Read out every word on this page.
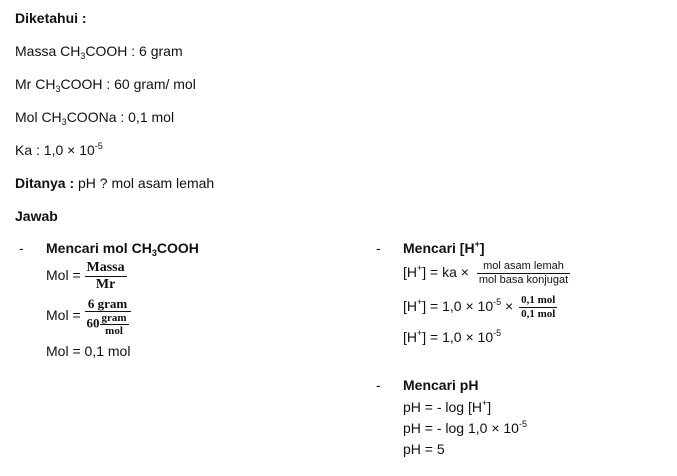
Diketahui :
Massa $CH_3COOH$ : 6 gram
Mr $CH_3COOH$ : 60 gram/ mol
Mol $CH_3COONa$ : 0,1 mol
Ka : $1,0 \times 10^{-5}$
Ditanya : pH ? mol asam lemah
Jawab
- Mencari mol $CH_3COOH$
Mol = $\frac{\text{Massa}}{Mr}$
Mol = $\frac{\text{6 gram}}{60 \frac{\text{gram}}{\text{mol}}}$
Mol = 0,1 mol
- Mencari [H+]
[H+] = ka × $\frac{\text{mol asam lemah}}{\text{mol basa konjugat}}$
$[H^+] = 1,0 \times 10^{-5} \times \frac{\text{0,1 mol}}{\text{0,1 mol}}$
$[H^+] = 1,0 \times 10^{-5}$
- Mencari pH
pH = - log [H+]
pH = - $\log 1,0 \times 10^{-5}$
pH = 5
